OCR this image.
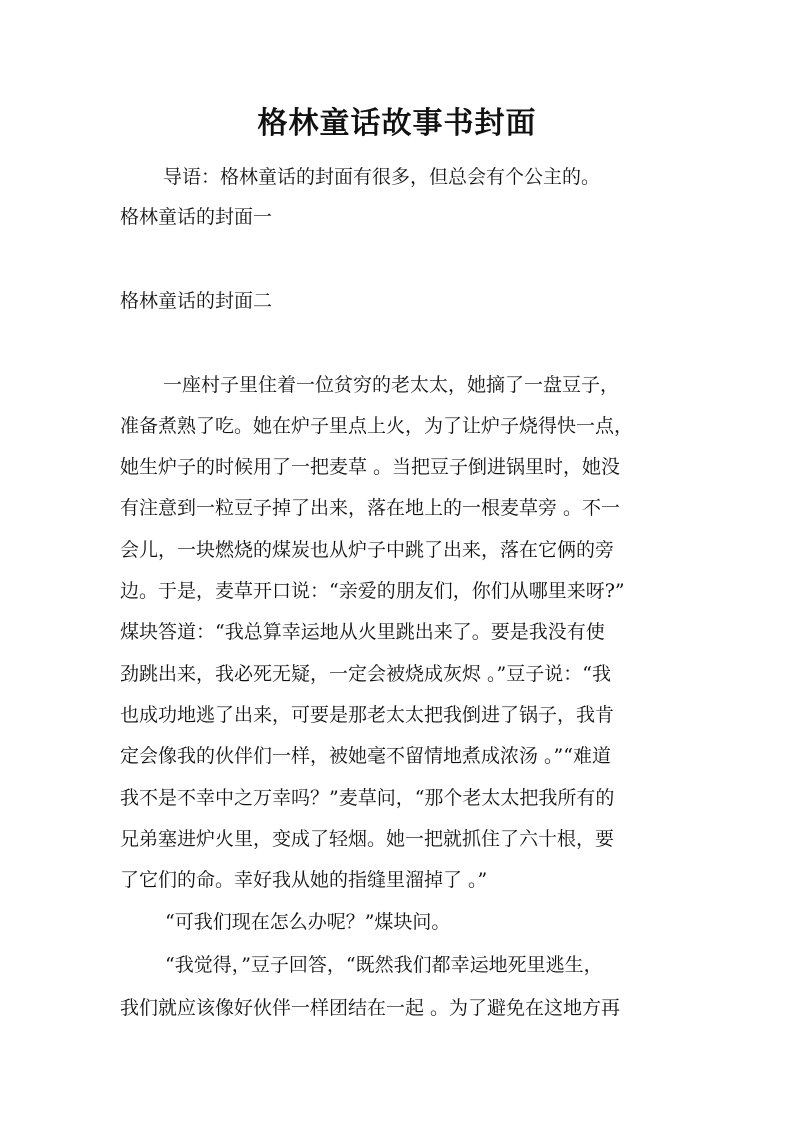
格林童话故事书封面

导语：格林童话的封面有很多，但总会有个公主的。

格林童话的封面一

格林童话的封面二

一座村子里住着一位贫穷的老太太，她摘了一盘豆子，

准备煮熟了吃。她在炉子里点上火，为了让炉子烧得快一点，

她生炉子的时候用了一把麦草 。当把豆子倒进锅里时，她没

有注意到一粒豆子掉了出来，落在地上的一根麦草旁 。不一

会儿，一块燃烧的煤炭也从炉子中跳了出来，落在它俩的旁

边。于是，麦草开口说：“亲爱的朋友们，你们从哪里来呀?”

煤块答道：“我总算幸运地从火里跳出来了。要是我没有使

劲跳出来，我必死无疑，一定会被烧成灰烬 。”豆子说：“我

也成功地逃了出来，可要是那老太太把我倒进了锅子，我肯

定会像我的伙伴们一样，被她毫不留情地煮成浓汤 。”“难道

我不是不幸中之万幸吗？”麦草问，“那个老太太把我所有的

兄弟塞进炉火里，变成了轻烟。她一把就抓住了六十根，要

了它们的命。幸好我从她的指缝里溜掉了 。”

“可我们现在怎么办呢？”煤块问。

“我觉得，”豆子回答，“既然我们都幸运地死里逃生，

我们就应该像好伙伴一样团结在一起 。为了避免在这地方再
